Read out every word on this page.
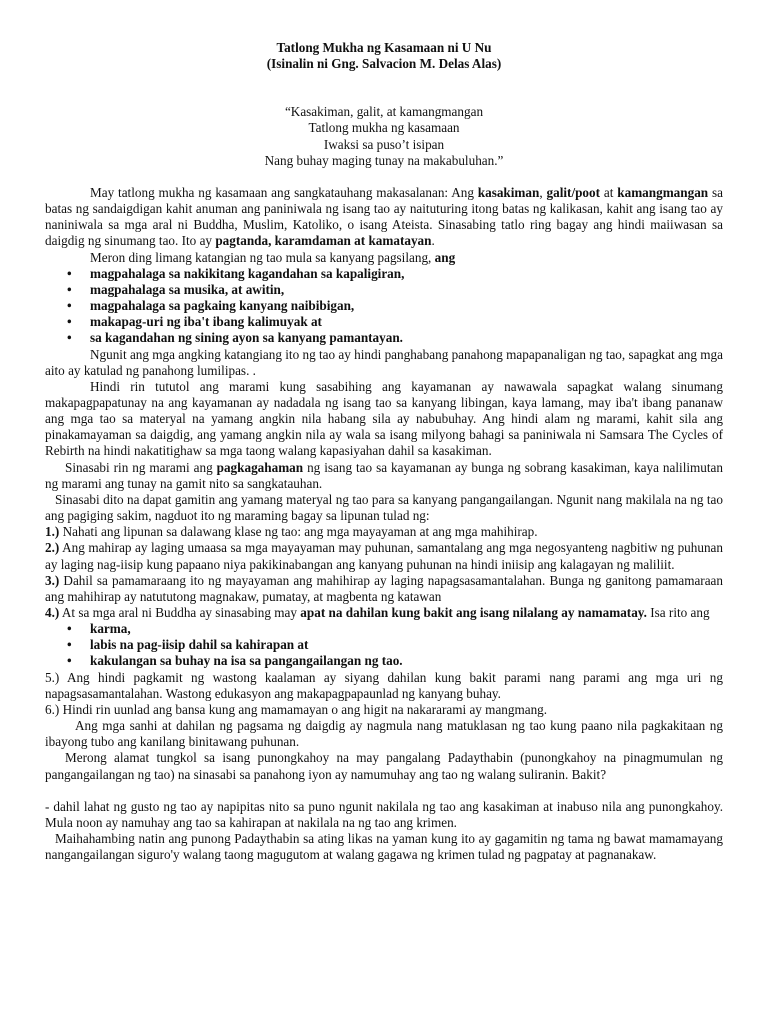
Tatlong Mukha ng Kasamaan ni U Nu
(Isinalin ni Gng. Salvacion M. Delas Alas)
“Kasakiman, galit, at kamangmangan
Tatlong mukha ng kasamaan
Iwaksi sa puso’t isipan
Nang buhay maging tunay na makabuluhan.”

May tatlong mukha ng kasamaan ang sangkatauhang makasalanan: Ang kasakiman, galit/poot at kamangmangan sa batas ng sandaigdigan kahit anuman ang paniniwala ng isang tao ay naituturing itong batas ng kalikasan, kahit ang isang tao ay naniniwala sa mga aral ni Buddha, Muslim, Katoliko, o isang Ateista. Sinasabing tatlo ring bagay ang hindi maiiwasan sa daigdig ng sinumang tao. Ito ay pagtanda, karamdaman at kamatayan.

Meron ding limang katangian ng tao mula sa kanyang pagsilang, ang

• magpahalaga sa nakikitang kagandahan sa kapaligiran,
• magpahalaga sa musika, at awitin,
• magpahalaga sa pagkaing kanyang naibibigan,
• makapag-uri ng iba't ibang kalimuyak at
• sa kagandahan ng sining ayon sa kanyang pamantayan.

Ngunit ang mga angking katangiang ito ng tao ay hindi panghabang panahong mapapanaligan ng tao, sapagkat ang mga aito ay katulad ng panahong lumilipas. .

Hindi rin tututol ang marami kung sasabihing ang kayamanan ay nawawala sapagkat walang sinumang makapagpapatunay na ang kayamanan ay nadadala ng isang tao sa kanyang libingan, kaya lamang, may iba't ibang pananaw ang mga tao sa materyal na yamang angkin nila habang sila ay nabubuhay. Ang hindi alam ng marami, kahit sila ang pinakamayaman sa daigdig, ang yamang angkin nila ay wala sa isang milyong bahagi sa paniniwala ni Samsara The Cycles of Rebirth na hindi nakatitighaw sa mga taong walang kapasiyahan dahil sa kasakiman.

Sinasabi rin ng marami ang pagkagahaman ng isang tao sa kayamanan ay bunga ng sobrang kasakiman, kaya nalilimutan ng marami ang tunay na gamit nito sa sangkatauhan.

Sinasabi dito na dapat gamitin ang yamang materyal ng tao para sa kanyang pangangailangan. Ngunit nang makilala na ng tao ang pagiging sakim, nagduot ito ng maraming bagay sa lipunan tulad ng:

1.) Nahati ang lipunan sa dalawang klase ng tao: ang mga mayayaman at ang mga mahihirap.

2.) Ang mahirap ay laging umaasa sa mga mayayaman may puhunan, samantalang ang mga negosyanteng nagbitiw ng puhunan ay laging nag-iisip kung papaano niya pakikinabangan ang kanyang puhunan na hindi iniisip ang kalagayan ng maliliit.

3.) Dahil sa pamamaraang ito ng mayayaman ang mahihirap ay laging napagsasamantalahan. Bunga ng ganitong pamamaraan ang mahihirap ay natututong magnakaw, pumatay, at magbenta ng katawan

4.) At sa mga aral ni Buddha ay sinasabing may apat na dahilan kung bakit ang isang nilalang ay namamatay. Isa rito ang

• karma,
• labis na pag-iisip dahil sa kahirapan at
• kakulangan sa buhay na isa sa pangangailangan ng tao.

5.) Ang hindi pagkamit ng wastong kaalaman ay siyang dahilan kung bakit parami nang parami ang mga uri ng napagsasamantalahan. Wastong edukasyon ang makapagpapaunlad ng kanyang buhay.

6.) Hindi rin uunlad ang bansa kung ang mamamayan o ang higit na nakararami ay mangmang.

Ang mga sanhi at dahilan ng pagsama ng daigdig ay nagmula nang matuklasan ng tao kung paano nila pagkakitaan ng ibayong tubo ang kanilang binitawang puhunan.

Merong alamat tungkol sa isang punongkahoy na may pangalang Padaythabin (punongkahoy na pinagmumulan ng pangangailangan ng tao) na sinasabi sa panahong iyon ay namumuhay ang tao ng walang suliranin. Bakit?

- dahil lahat ng gusto ng tao ay napipitas nito sa puno ngunit nakilala ng tao ang kasakiman at inabuso nila ang punongkahoy. Mula noon ay namuhay ang tao sa kahirapan at nakilala na ng tao ang krimen.

Maihahambing natin ang punong Padaythabin sa ating likas na yaman kung ito ay gagamitin ng tama ng bawat mamamayang nangangailangan siguro'y walang taong magugutom at walang gagawa ng krimen tulad ng pagpatay at pagnanakaw.
